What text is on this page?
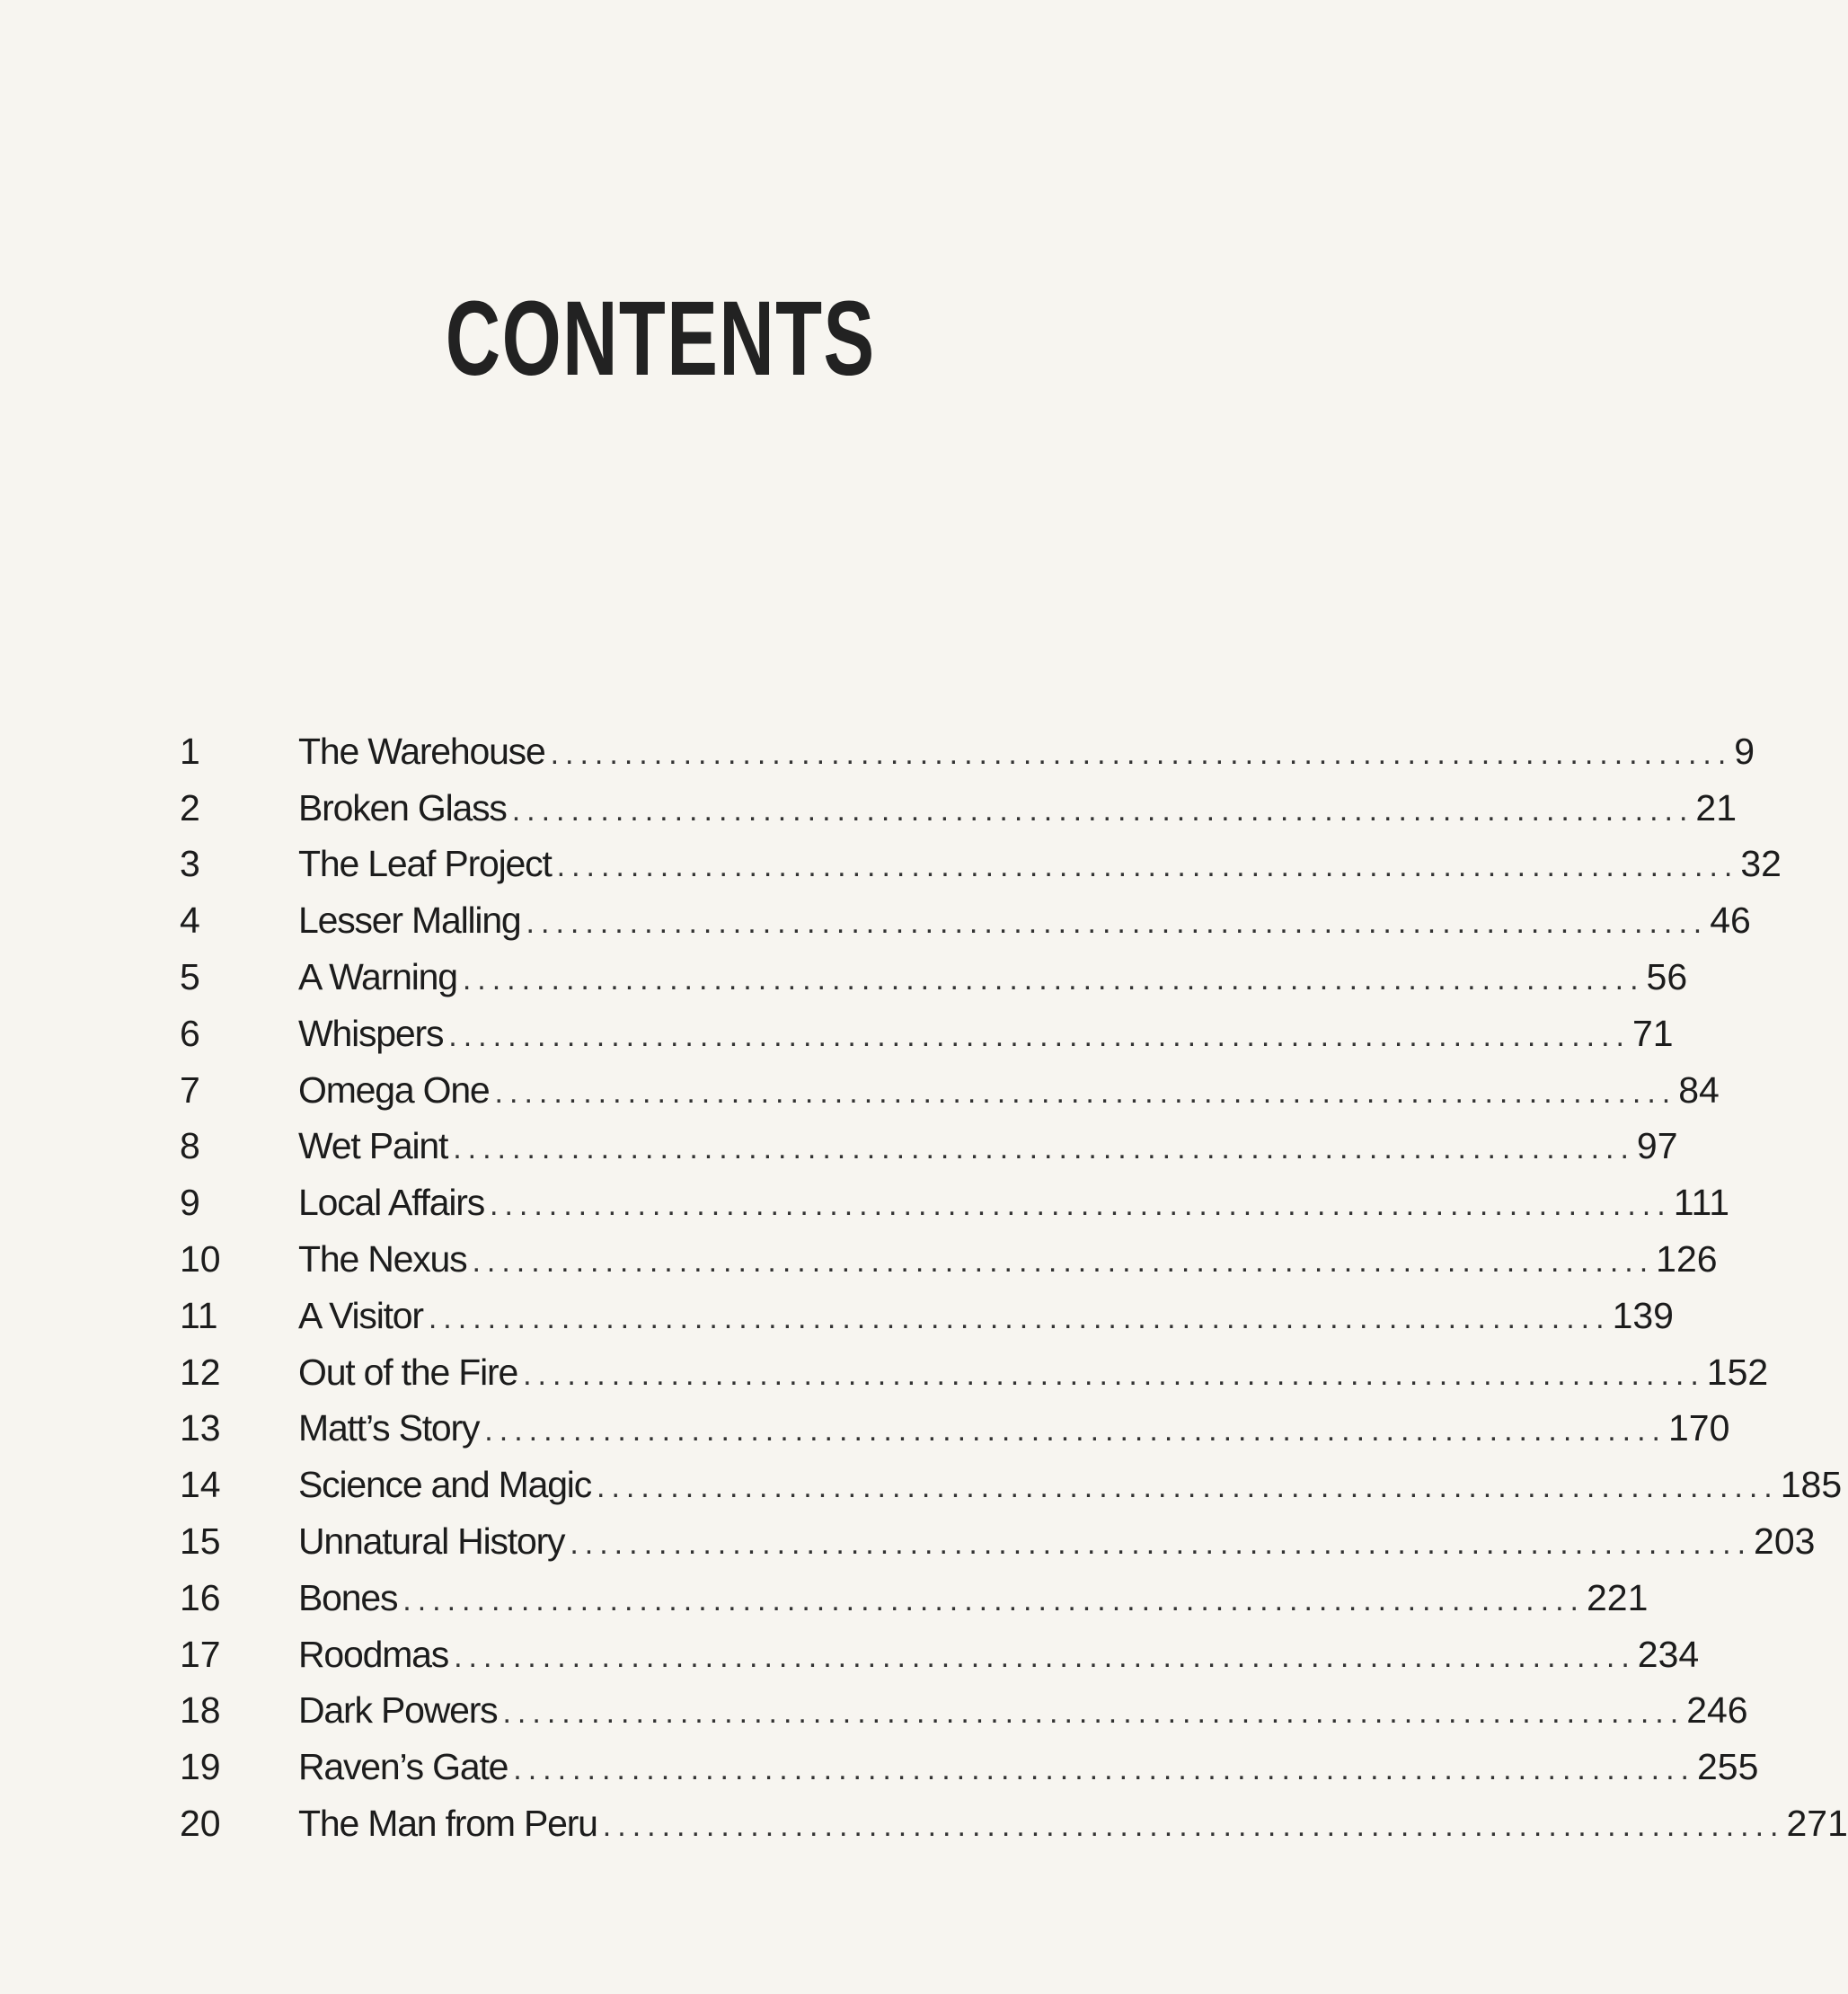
CONTENTS
1	The Warehouse ................................................................................ 9
2	Broken Glass ................................................................................ 21
3	The Leaf Project ................................................................................ 32
4	Lesser Malling ................................................................................ 46
5	A Warning ................................................................................ 56
6	Whispers ................................................................................ 71
7	Omega One ................................................................................ 84
8	Wet Paint ................................................................................ 97
9	Local Affairs ................................................................................ 111
10	The Nexus ................................................................................ 126
11	A Visitor ................................................................................ 139
12	Out of the Fire ................................................................................ 152
13	Matt’s Story ................................................................................ 170
14	Science and Magic ................................................................................ 185
15	Unnatural History ................................................................................ 203
16	Bones ................................................................................ 221
17	Roodmas ................................................................................ 234
18	Dark Powers ................................................................................ 246
19	Raven’s Gate ................................................................................ 255
20	The Man from Peru ................................................................................ 271
